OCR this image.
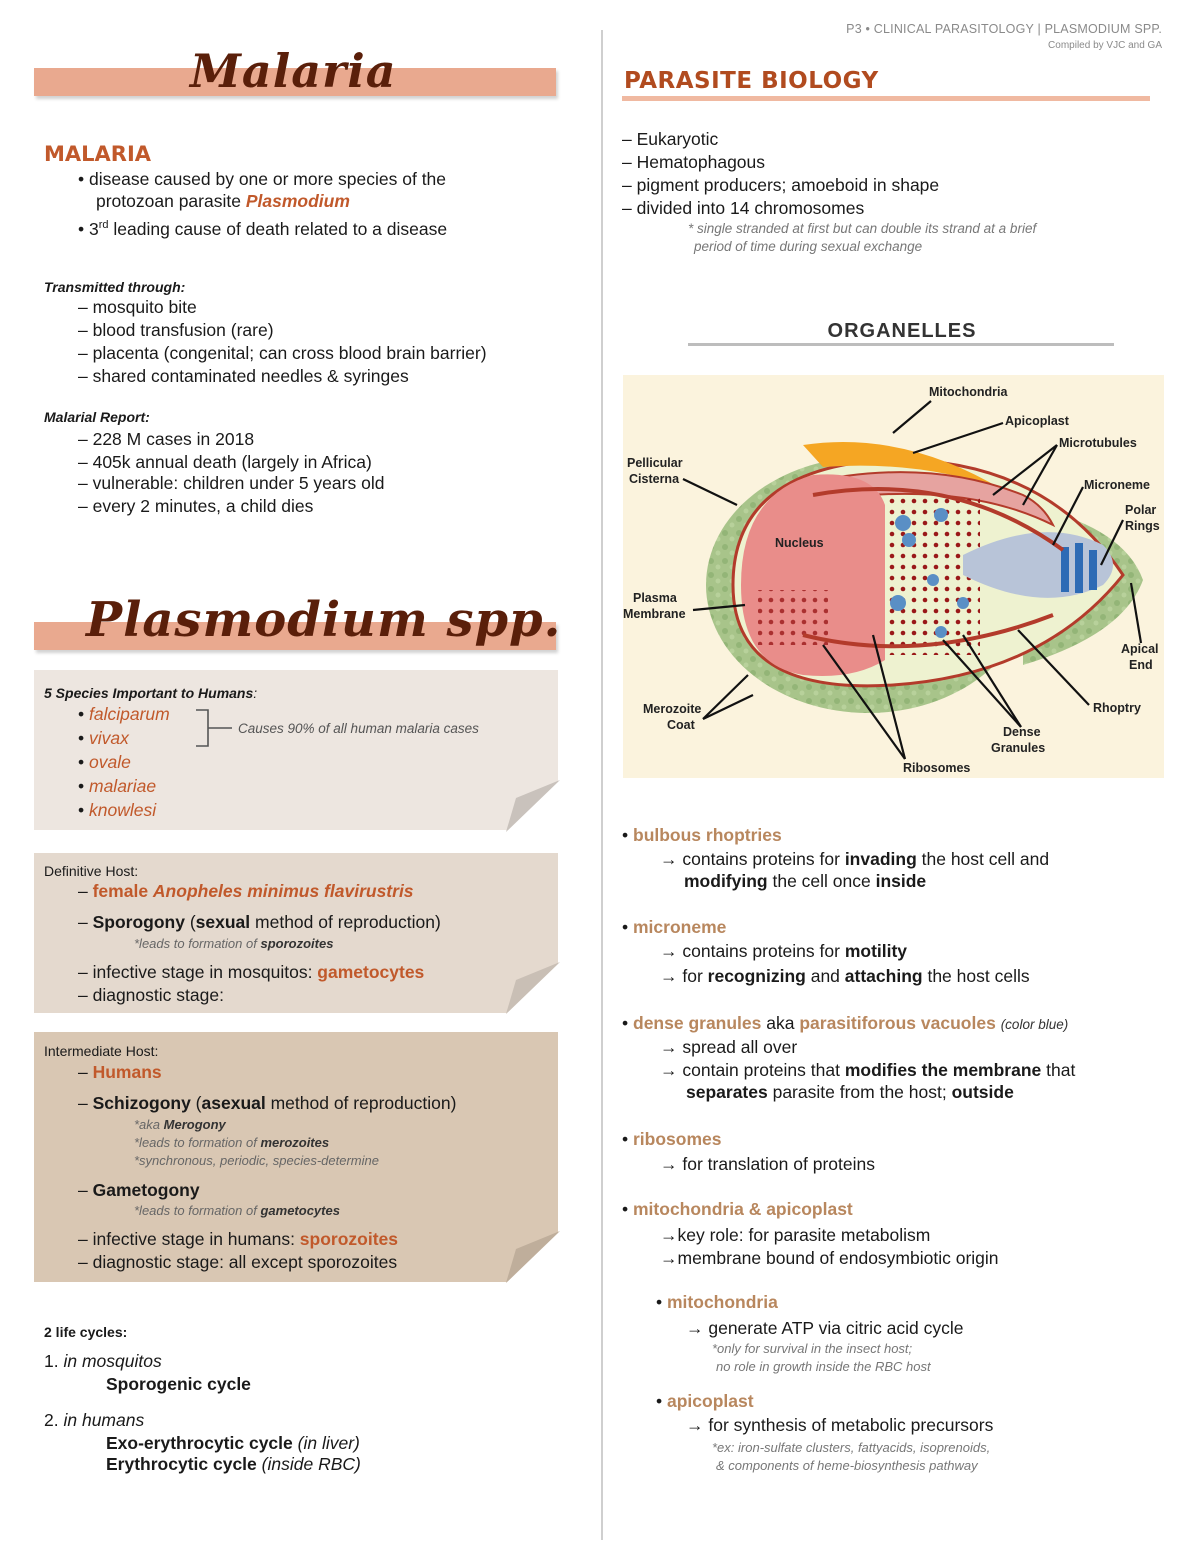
P3 • CLINICAL PARASITOLOGY | PLASMODIUM SPP.
Compiled by VJC and GA
Malaria
MALARIA
• disease caused by one or more species of the
protozoan parasite Plasmodium
• 3rd leading cause of death related to a disease
Transmitted through:
– mosquito bite
– blood transfusion (rare)
– placenta (congenital; can cross blood brain barrier)
– shared contaminated needles & syringes
Malarial Report:
– 228 M cases in 2018
– 405k annual death (largely in Africa)
– vulnerable: children under 5 years old
– every 2 minutes, a child dies
Plasmodium spp.
5 Species Important to Humans:
• falciparum
• vivax
• ovale
• malariae
• knowlesi
Causes 90% of all human malaria cases
Definitive Host:
– female Anopheles minimus flavirustris
– Sporogony (sexual method of reproduction)
*leads to formation of sporozoites
– infective stage in mosquitos: gametocytes
– diagnostic stage:
Intermediate Host:
– Humans
– Schizogony (asexual method of reproduction)
*aka Merogony
*leads to formation of merozoites
*synchronous, periodic, species-determine
– Gametogony
*leads to formation of gametocytes
– infective stage in humans: sporozoites
– diagnostic stage: all except sporozoites
2 life cycles:
1. in mosquitos
Sporogenic cycle
2. in humans
Exo-erythrocytic cycle (in liver)
Erythrocytic cycle (inside RBC)
PARASITE BIOLOGY
– Eukaryotic
– Hematophagous
– pigment producers; amoeboid in shape
– divided into 14 chromosomes
* single stranded at first but can double its strand at a brief
period of time during sexual exchange
ORGANELLES
Mitochondria
Apicoplast
Microtubules
Microneme
Polar
Rings
Pellicular
Cisterna
Nucleus
Plasma
Membrane
Apical
End
Merozoite
Coat
Rhoptry
Dense
Granules
Ribosomes
• bulbous rhoptries
→ contains proteins for invading the host cell and
modifying the cell once inside
• microneme
→ contains proteins for motility
→ for recognizing and attaching the host cells
• dense granules aka parasitiforous vacuoles (color blue)
→ spread all over
→ contain proteins that modifies the membrane that
separates parasite from the host; outside
• ribosomes
→ for translation of proteins
• mitochondria & apicoplast
→key role: for parasite metabolism
→membrane bound of endosymbiotic origin
• mitochondria
→ generate ATP via citric acid cycle
*only for survival in the insect host;
no role in growth inside the RBC host
• apicoplast
→ for synthesis of metabolic precursors
*ex: iron-sulfate clusters, fattyacids, isoprenoids,
& components of heme-biosynthesis pathway
